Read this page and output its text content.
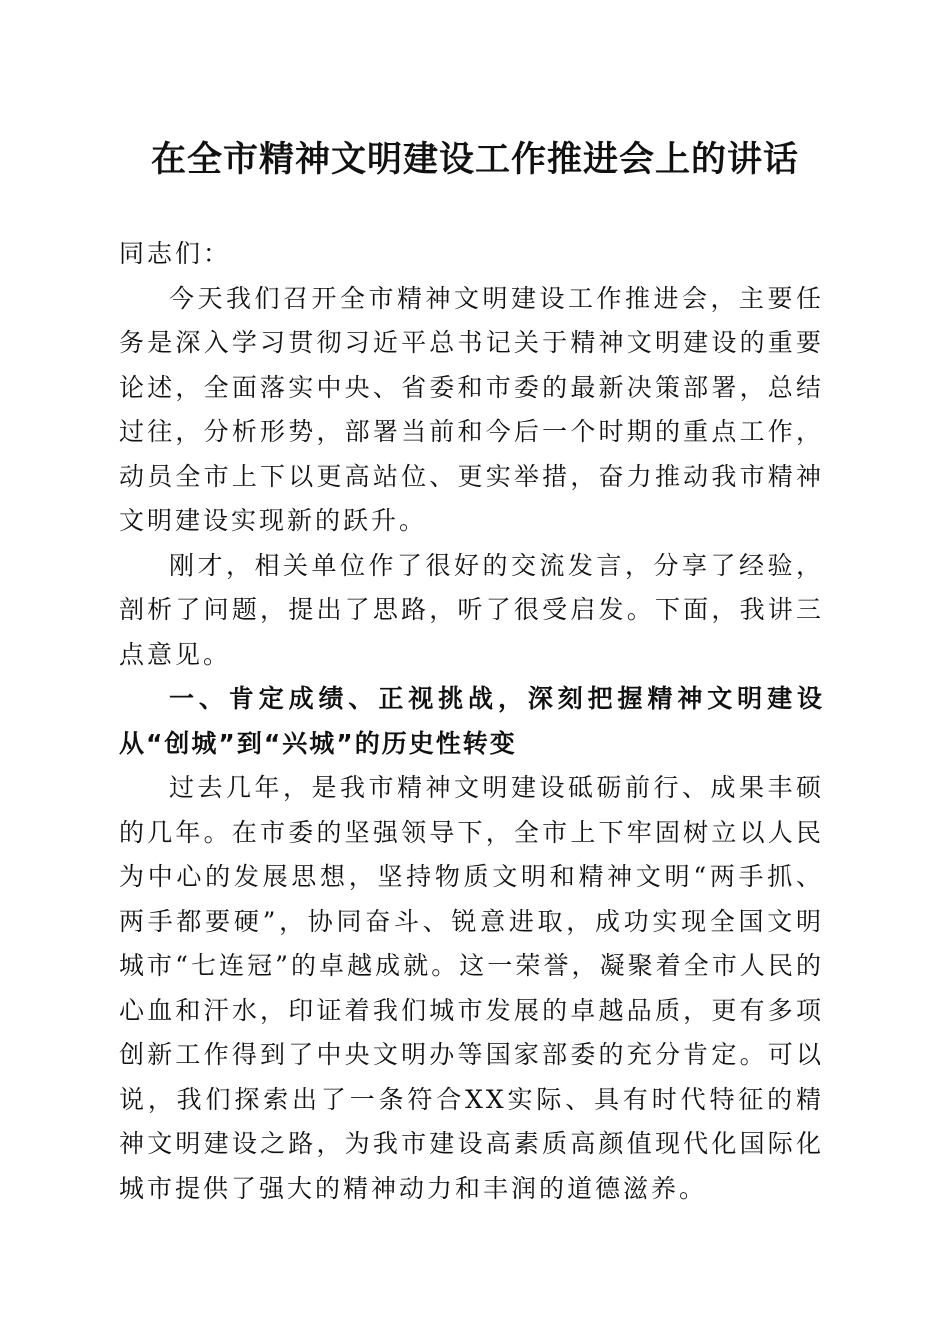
在全市精神文明建设工作推进会上的讲话

同志们：

今天我们召开全市精神文明建设工作推进会，主要任务是深入学习贯彻习近平总书记关于精神文明建设的重要论述，全面落实中央、省委和市委的最新决策部署，总结过往，分析形势，部署当前和今后一个时期的重点工作，动员全市上下以更高站位、更实举措，奋力推动我市精神文明建设实现新的跃升。

刚才，相关单位作了很好的交流发言，分享了经验，剖析了问题，提出了思路，听了很受启发。下面，我讲三点意见。

一、肯定成绩、正视挑战，深刻把握精神文明建设从“创城”到“兴城”的历史性转变

过去几年，是我市精神文明建设砥砺前行、成果丰硕的几年。在市委的坚强领导下，全市上下牢固树立以人民为中心的发展思想，坚持物质文明和精神文明“两手抓、两手都要硬”，协同奋斗、锐意进取，成功实现全国文明城市“七连冠”的卓越成就。这一荣誉，凝聚着全市人民的心血和汗水，印证着我们城市发展的卓越品质，更有多项创新工作得到了中央文明办等国家部委的充分肯定。可以说，我们探索出了一条符合XX实际、具有时代特征的精神文明建设之路，为我市建设高素质高颜值现代化国际化城市提供了强大的精神动力和丰润的道德滋养。
